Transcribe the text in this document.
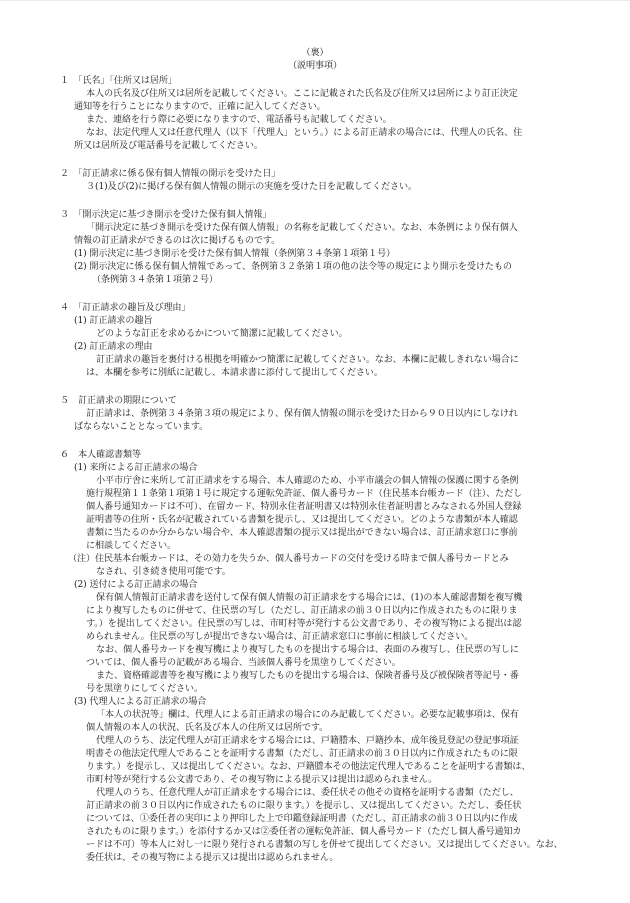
（裏）
（説明事項）
１　「氏名」「住所又は居所」
本人の氏名及び住所又は居所を記載してください。ここに記載された氏名及び住所又は居所により訂正決定
通知等を行うことになりますので、正確に記入してください。
また、連絡を行う際に必要になりますので、電話番号も記載してください。
なお、法定代理人又は任意代理人（以下「代理人」という。）による訂正請求の場合には、代理人の氏名、住
所又は居所及び電話番号を記載してください。
２　「訂正請求に係る保有個人情報の開示を受けた日」
３(1)及び(2)に掲げる保有個人情報の開示の実施を受けた日を記載してください。
３　「開示決定に基づき開示を受けた保有個人情報」
「開示決定に基づき開示を受けた保有個人情報」の名称を記載してください。なお、本条例により保有個人
情報の訂正請求ができるのは次に掲げるものです。
(1) 開示決定に基づき開示を受けた保有個人情報（条例第３４条第１項第１号）
(2) 開示決定に係る保有個人情報であって、条例第３２条第１項の他の法令等の規定により開示を受けたもの
（条例第３４条第１項第２号）
４　「訂正請求の趣旨及び理由」
(1) 訂正請求の趣旨
どのような訂正を求めるかについて簡潔に記載してください。
(2) 訂正請求の理由
訂正請求の趣旨を裏付ける根拠を明確かつ簡潔に記載してください。なお、本欄に記載しきれない場合に
は、本欄を参考に別紙に記載し、本請求書に添付して提出してください。
５　訂正請求の期限について
訂正請求は、条例第３４条第３項の規定により、保有個人情報の開示を受けた日から９０日以内にしなけれ
ばならないこととなっています。
６　本人確認書類等
(1) 来所による訂正請求の場合
小平市庁舎に来所して訂正請求をする場合、本人確認のため、小平市議会の個人情報の保護に関する条例
施行規程第１１条第１項第１号に規定する運転免許証、個人番号カード（住民基本台帳カード（注）、ただし
個人番号通知カードは不可）、在留カード、特別永住者証明書又は特別永住者証明書とみなされる外国人登録
証明書等の住所・氏名が記載されている書類を提示し、又は提出してください。どのような書類が本人確認
書類に当たるのか分からない場合や、本人確認書類の提示又は提出ができない場合は、訂正請求窓口に事前
に相談してください。
（注）住民基本台帳カードは、その効力を失うか、個人番号カードの交付を受ける時まで個人番号カードとみ
なされ、引き続き使用可能です。
(2) 送付による訂正請求の場合
保有個人情報訂正請求書を送付して保有個人情報の訂正請求をする場合には、(1)の本人確認書類を複写機
により複写したものに併せて、住民票の写し（ただし、訂正請求の前３０日以内に作成されたものに限りま
す。）を提出してください。住民票の写しは、市町村等が発行する公文書であり、その複写物による提出は認
められません。住民票の写しが提出できない場合は、訂正請求窓口に事前に相談してください。
なお、個人番号カードを複写機により複写したものを提出する場合は、表面のみ複写し、住民票の写しに
ついては、個人番号の記載がある場合、当該個人番号を黒塗りしてください。
また、資格確認書等を複写機により複写したものを提出する場合は、保険者番号及び被保険者等記号・番
号を黒塗りにしてください。
(3) 代理人による訂正請求の場合
「本人の状況等」欄は、代理人による訂正請求の場合にのみ記載してください。必要な記載事項は、保有
個人情報の本人の状況、氏名及び本人の住所又は居所です。
代理人のうち、法定代理人が訂正請求をする場合には、戸籍謄本、戸籍抄本、成年後見登記の登記事項証
明書その他法定代理人であることを証明する書類（ただし、訂正請求の前３０日以内に作成されたものに限
ります。）を提示し、又は提出してください。なお、戸籍謄本その他法定代理人であることを証明する書類は、
市町村等が発行する公文書であり、その複写物による提示又は提出は認められません。
代理人のうち、任意代理人が訂正請求をする場合には、委任状その他その資格を証明する書類（ただし、
訂正請求の前３０日以内に作成されたものに限ります。）を提示し、又は提出してください。ただし、委任状
については、①委任者の実印により押印した上で印鑑登録証明書（ただし、訂正請求の前３０日以内に作成
されたものに限ります。）を添付するか又は②委任者の運転免許証、個人番号カード（ただし個人番号通知カ
ードは不可）等本人に対し一に限り発行される書類の写しを併せて提出してください。又は提出してください。なお、
委任状は、その複写物による提示又は提出は認められません。
